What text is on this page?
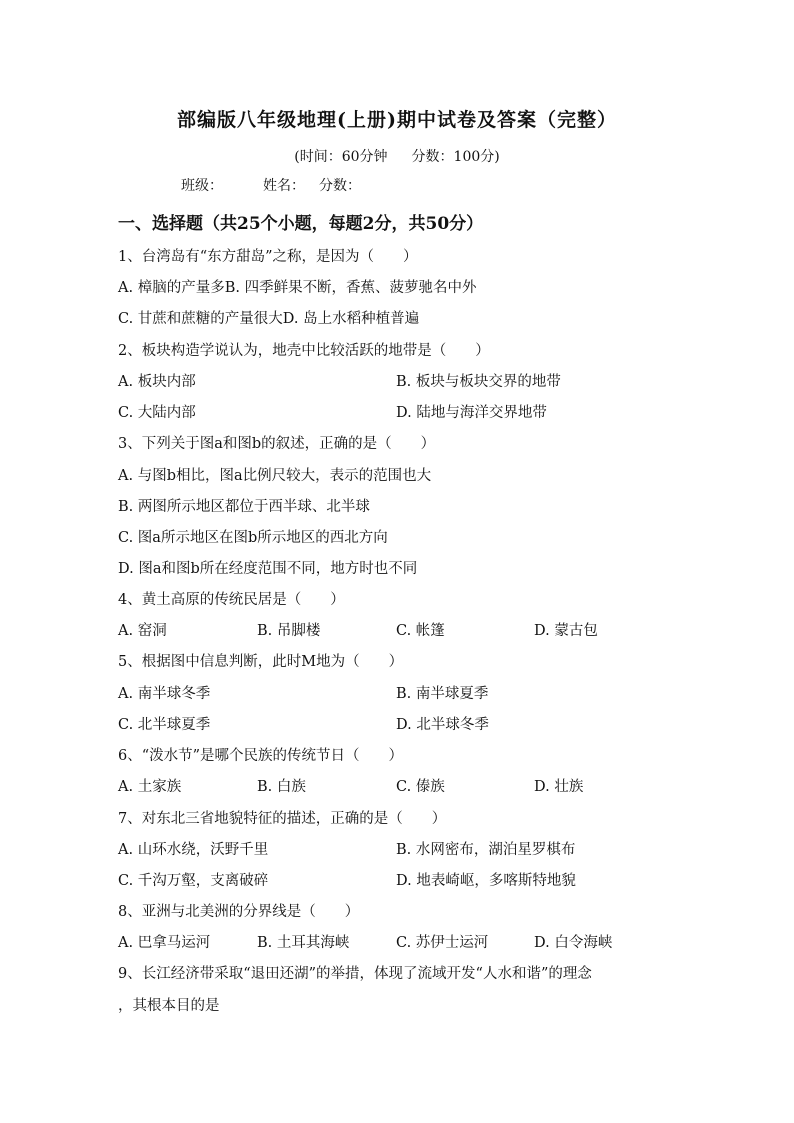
部编版八年级地理(上册)期中试卷及答案（完整）
(时间：60分钟 分数：100分)
班级：	姓名： 分数：
一、选择题（共25个小题，每题2分，共50分）
1、台湾岛有“东方甜岛”之称，是因为（　　）
A. 樟脑的产量多B. 四季鲜果不断，香蕉、菠萝驰名中外
C. 甘蔗和蔗糖的产量很大D. 岛上水稻种植普遍
2、板块构造学说认为，地壳中比较活跃的地带是（　　）
A. 板块内部	B. 板块与板块交界的地带
C. 大陆内部	D. 陆地与海洋交界地带
3、下列关于图a和图b的叙述，正确的是（　　）
A. 与图b相比，图a比例尺较大，表示的范围也大
B. 两图所示地区都位于西半球、北半球
C. 图a所示地区在图b所示地区的西北方向
D. 图a和图b所在经度范围不同，地方时也不同
4、黄土高原的传统民居是（　　）
A. 窑洞	B. 吊脚楼	C. 帐篷	D. 蒙古包
5、根据图中信息判断，此时M地为（　　）
A. 南半球冬季	B. 南半球夏季
C. 北半球夏季	D. 北半球冬季
6、“泼水节”是哪个民族的传统节日（　　）
A. 土家族	B. 白族	C. 傣族	D. 壮族
7、对东北三省地貌特征的描述，正确的是（　　）
A. 山环水绕，沃野千里	B. 水网密布，湖泊星罗棋布
C. 千沟万壑，支离破碎	D. 地表崎岖，多喀斯特地貌
8、亚洲与北美洲的分界线是（　　）
A. 巴拿马运河	B. 土耳其海峡	C. 苏伊士运河	D. 白令海峡
9、长江经济带采取“退田还湖”的举措，体现了流域开发“人水和谐”的理念
，其根本目的是
